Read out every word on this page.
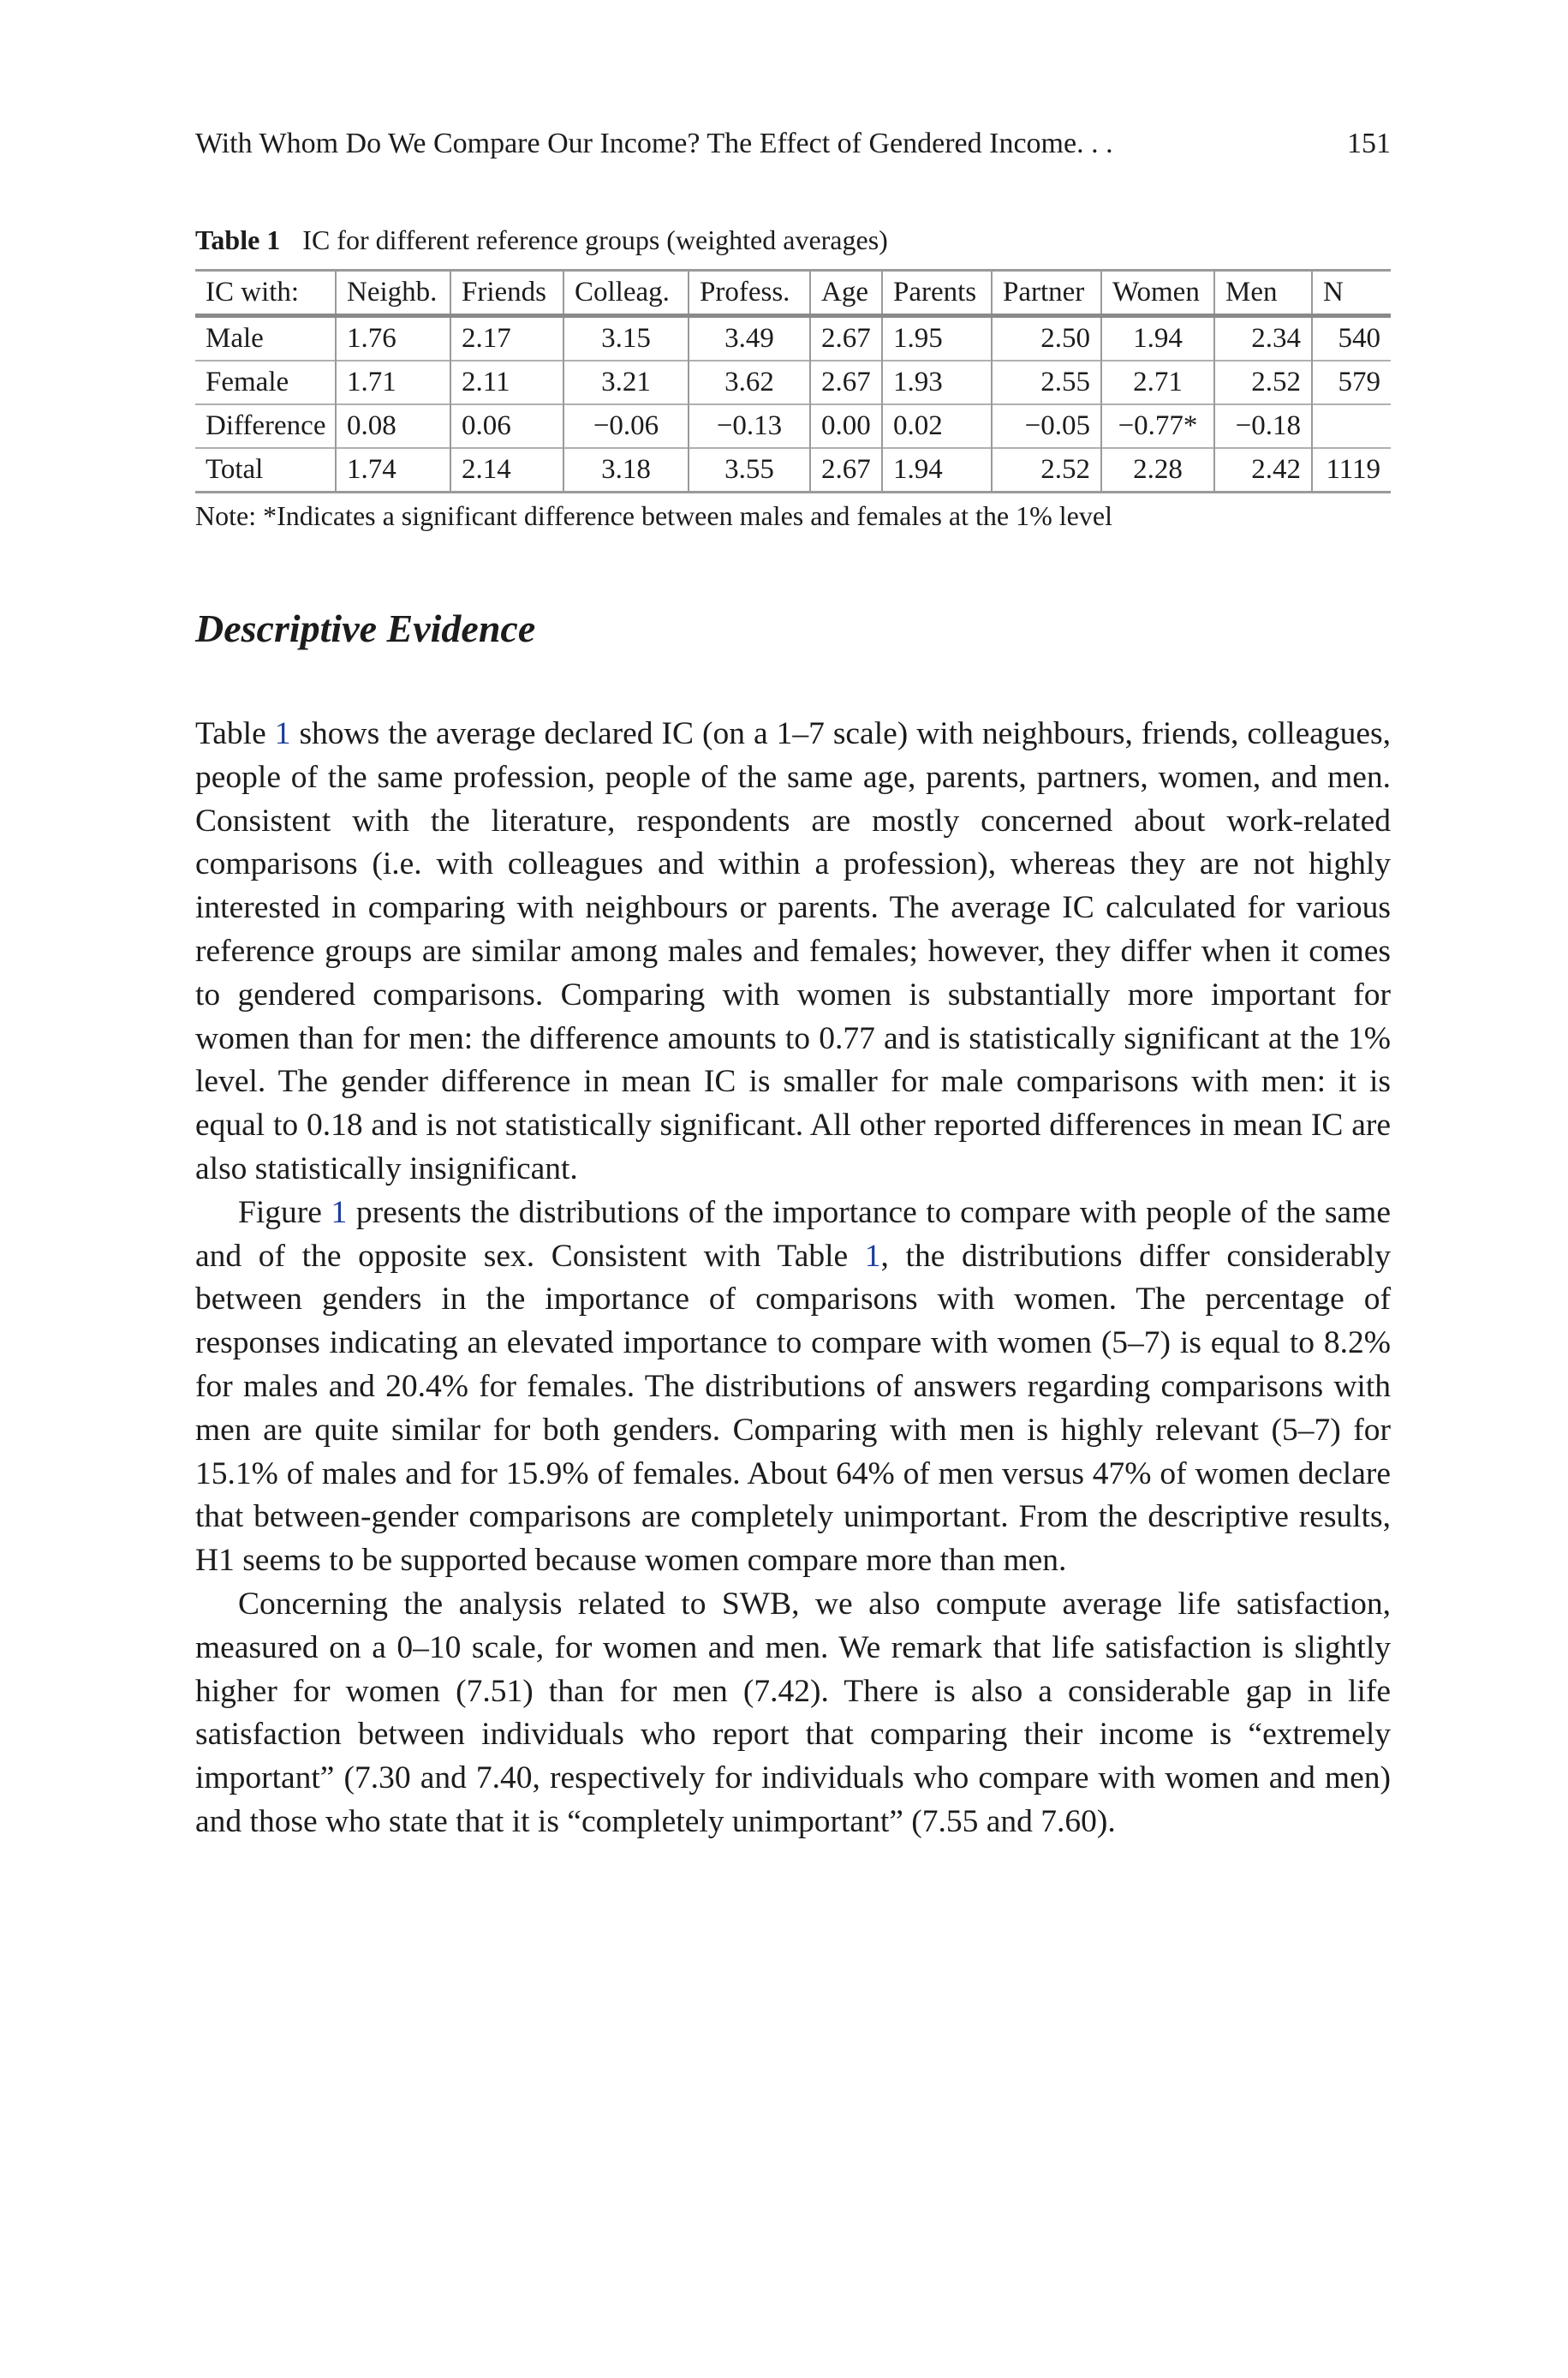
With Whom Do We Compare Our Income? The Effect of Gendered Income. . .	151
Table 1 IC for different reference groups (weighted averages)
IC with:	Neighb.	Friends	Colleag.	Profess.	Age	Parents	Partner	Women	Men	N
Male	1.76	2.17	3.15	3.49	2.67	1.95	2.50	1.94	2.34	540
Female	1.71	2.11	3.21	3.62	2.67	1.93	2.55	2.71	2.52	579
Difference	0.08	0.06	−0.06	−0.13	0.00	0.02	−0.05	−0.77*	−0.18	
Total	1.74	2.14	3.18	3.55	2.67	1.94	2.52	2.28	2.42	1119
Note: *Indicates a significant difference between males and females at the 1% level
Descriptive Evidence

Table 1 shows the average declared IC (on a 1–7 scale) with neighbours, friends, colleagues, people of the same profession, people of the same age, parents, partners, women, and men. Consistent with the literature, respondents are mostly concerned about work-related comparisons (i.e. with colleagues and within a profession), whereas they are not highly interested in comparing with neighbours or parents. The average IC calculated for various reference groups are similar among males and females; however, they differ when it comes to gendered comparisons. Comparing with women is substantially more important for women than for men: the difference amounts to 0.77 and is statistically significant at the 1% level. The gender difference in mean IC is smaller for male comparisons with men: it is equal to 0.18 and is not statistically significant. All other reported differences in mean IC are also statistically insignificant.

Figure 1 presents the distributions of the importance to compare with people of the same and of the opposite sex. Consistent with Table 1, the distributions differ considerably between genders in the importance of comparisons with women. The percentage of responses indicating an elevated importance to compare with women (5–7) is equal to 8.2% for males and 20.4% for females. The distributions of answers regarding comparisons with men are quite similar for both genders. Comparing with men is highly relevant (5–7) for 15.1% of males and for 15.9% of females. About 64% of men versus 47% of women declare that between-gender comparisons are completely unimportant. From the descriptive results, H1 seems to be supported because women compare more than men.

Concerning the analysis related to SWB, we also compute average life satisfaction, measured on a 0–10 scale, for women and men. We remark that life satisfaction is slightly higher for women (7.51) than for men (7.42). There is also a considerable gap in life satisfaction between individuals who report that comparing their income is “extremely important” (7.30 and 7.40, respectively for individuals who compare with women and men) and those who state that it is “completely unimportant” (7.55 and 7.60).
